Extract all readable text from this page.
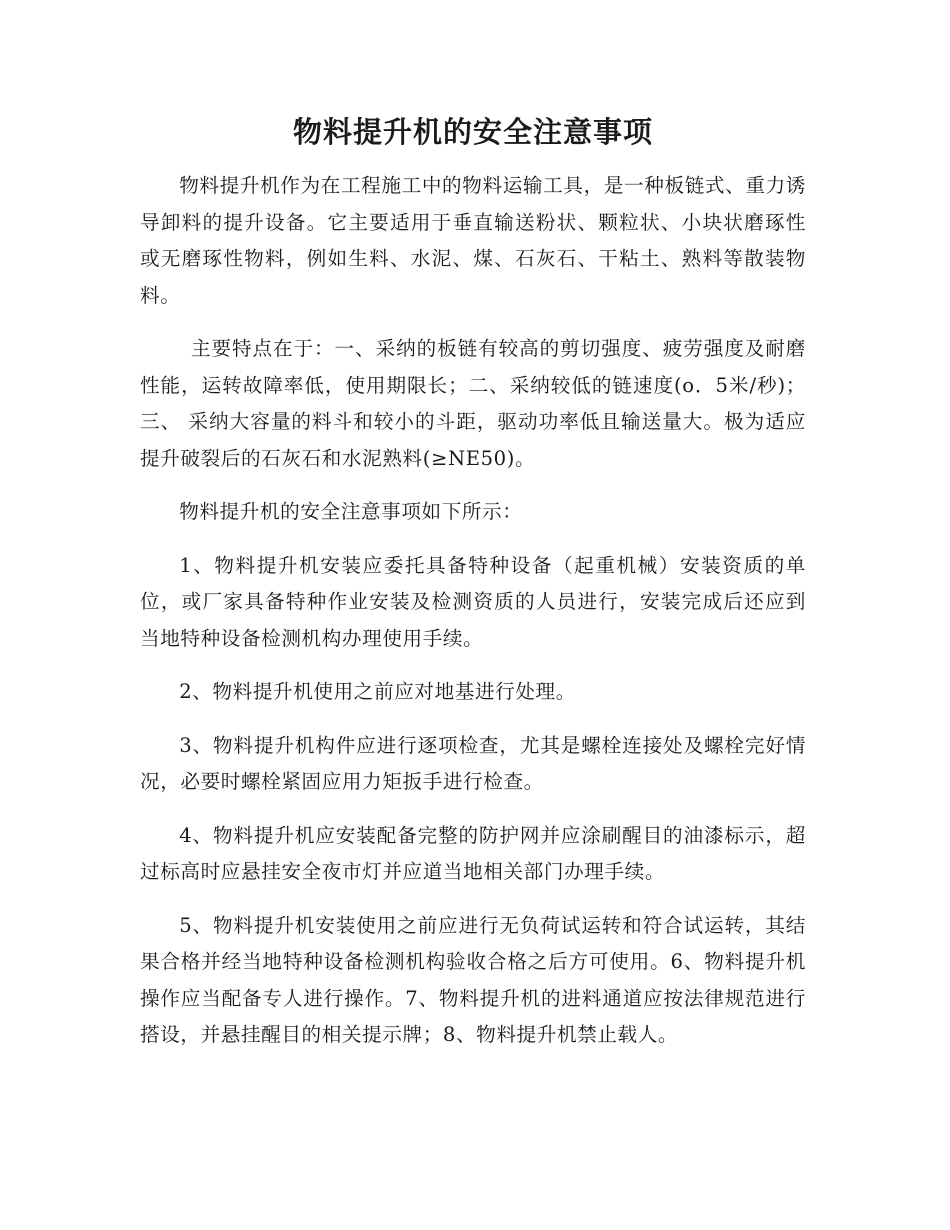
物料提升机的安全注意事项

物料提升机作为在工程施工中的物料运输工具，是一种板链式、重力诱导卸料的提升设备。它主要适用于垂直输送粉状、颗粒状、小块状磨琢性或无磨琢性物料，例如生料、水泥、煤、石灰石、干粘土、熟料等散装物料。

主要特点在于：一、采纳的板链有较高的剪切强度、疲劳强度及耐磨性能，运转故障率低，使用期限长；二、采纳较低的链速度(o．5米/秒)；三、 采纳大容量的料斗和较小的斗距，驱动功率低且输送量大。极为适应提升破裂后的石灰石和水泥熟料(≥NE50)。

物料提升机的安全注意事项如下所示：

1、物料提升机安装应委托具备特种设备（起重机械）安装资质的单位，或厂家具备特种作业安装及检测资质的人员进行，安装完成后还应到当地特种设备检测机构办理使用手续。

2、物料提升机使用之前应对地基进行处理。

3、物料提升机构件应进行逐项检查，尤其是螺栓连接处及螺栓完好情况，必要时螺栓紧固应用力矩扳手进行检查。

4、物料提升机应安装配备完整的防护网并应涂刷醒目的油漆标示，超过标高时应悬挂安全夜市灯并应道当地相关部门办理手续。

5、物料提升机安装使用之前应进行无负荷试运转和符合试运转，其结果合格并经当地特种设备检测机构验收合格之后方可使用。6、物料提升机操作应当配备专人进行操作。7、物料提升机的进料通道应按法律规范进行搭设，并悬挂醒目的相关提示牌；8、物料提升机禁止载人。
